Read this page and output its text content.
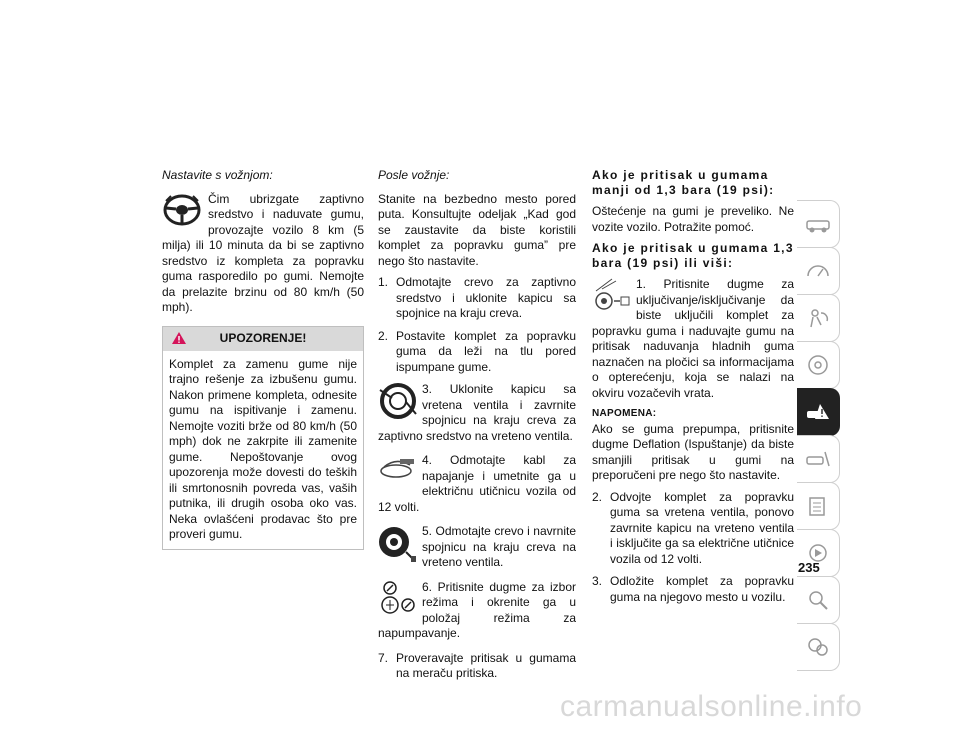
Nastavite s vožnjom:

Čim ubrizgate zaptivno sredstvo i naduvate gumu, provozajte vozilo 8 km (5 milja) ili 10 minuta da bi se zaptivno sredstvo iz kompleta za popravku guma rasporedilo po gumi. Nemojte da prelazite brzinu od 80 km/h (50 mph).

UPOZORENJE!
Komplet za zamenu gume nije trajno rešenje za izbušenu gumu. Nakon primene kompleta, odnesite gumu na ispitivanje i zamenu. Nemojte voziti brže od 80 km/h (50 mph) dok ne zakrpite ili zamenite gume. Nepoštovanje ovog upozorenja može dovesti do teških ili smrtonosnih povreda vas, vaših putnika, ili drugih osoba oko vas. Neka ovlašćeni prodavac što pre proveri gumu.

Posle vožnje:

Stanite na bezbedno mesto pored puta. Konsultujte odeljak „Kad god se zaustavite da biste koristili komplet za popravku guma” pre nego što nastavite.

1. Odmotajte crevo za zaptivno sredstvo i uklonite kapicu sa spojnice na kraju creva.
2. Postavite komplet za popravku guma da leži na tlu pored ispumpane gume.

3. Uklonite kapicu sa vretena ventila i zavrnite spojnicu na kraju creva za zaptivno sredstvo na vreteno ventila.

4. Odmotajte kabl za napajanje i umetnite ga u električnu utičnicu vozila od 12 volti.

5. Odmotajte crevo i navrnite spojnicu na kraju creva na vreteno ventila.

6. Pritisnite dugme za izbor režima i okrenite ga u položaj režima za napumpavanje.

7. Proveravajte pritisak u gumama na meraču pritiska.
Ako je pritisak u gumama manji od 1,3 bara (19 psi):

Oštećenje na gumi je preveliko. Ne vozite vozilo. Potražite pomoć.

Ako je pritisak u gumama 1,3 bara (19 psi) ili viši:

1. Pritisnite dugme za uključivanje/isključivanje da biste uključili komplet za popravku guma i naduvajte gumu na pritisak naduvanja hladnih guma naznačen na pločici sa informacijama o opterećenju, koja se nalazi na okviru vozačevih vrata.

NAPOMENA:

Ako se guma prepumpa, pritisnite dugme Deflation (Ispuštanje) da biste smanjili pritisak u gumi na preporučeni pre nego što nastavite.

2. Odvojte komplet za popravku guma sa vretena ventila, ponovo zavrnite kapicu na vreteno ventila i isključite ga sa električne utičnice vozila od 12 volti.
3. Odložite komplet za popravku guma na njegovo mesto u vozilu.
235
carmanualsonline.info
